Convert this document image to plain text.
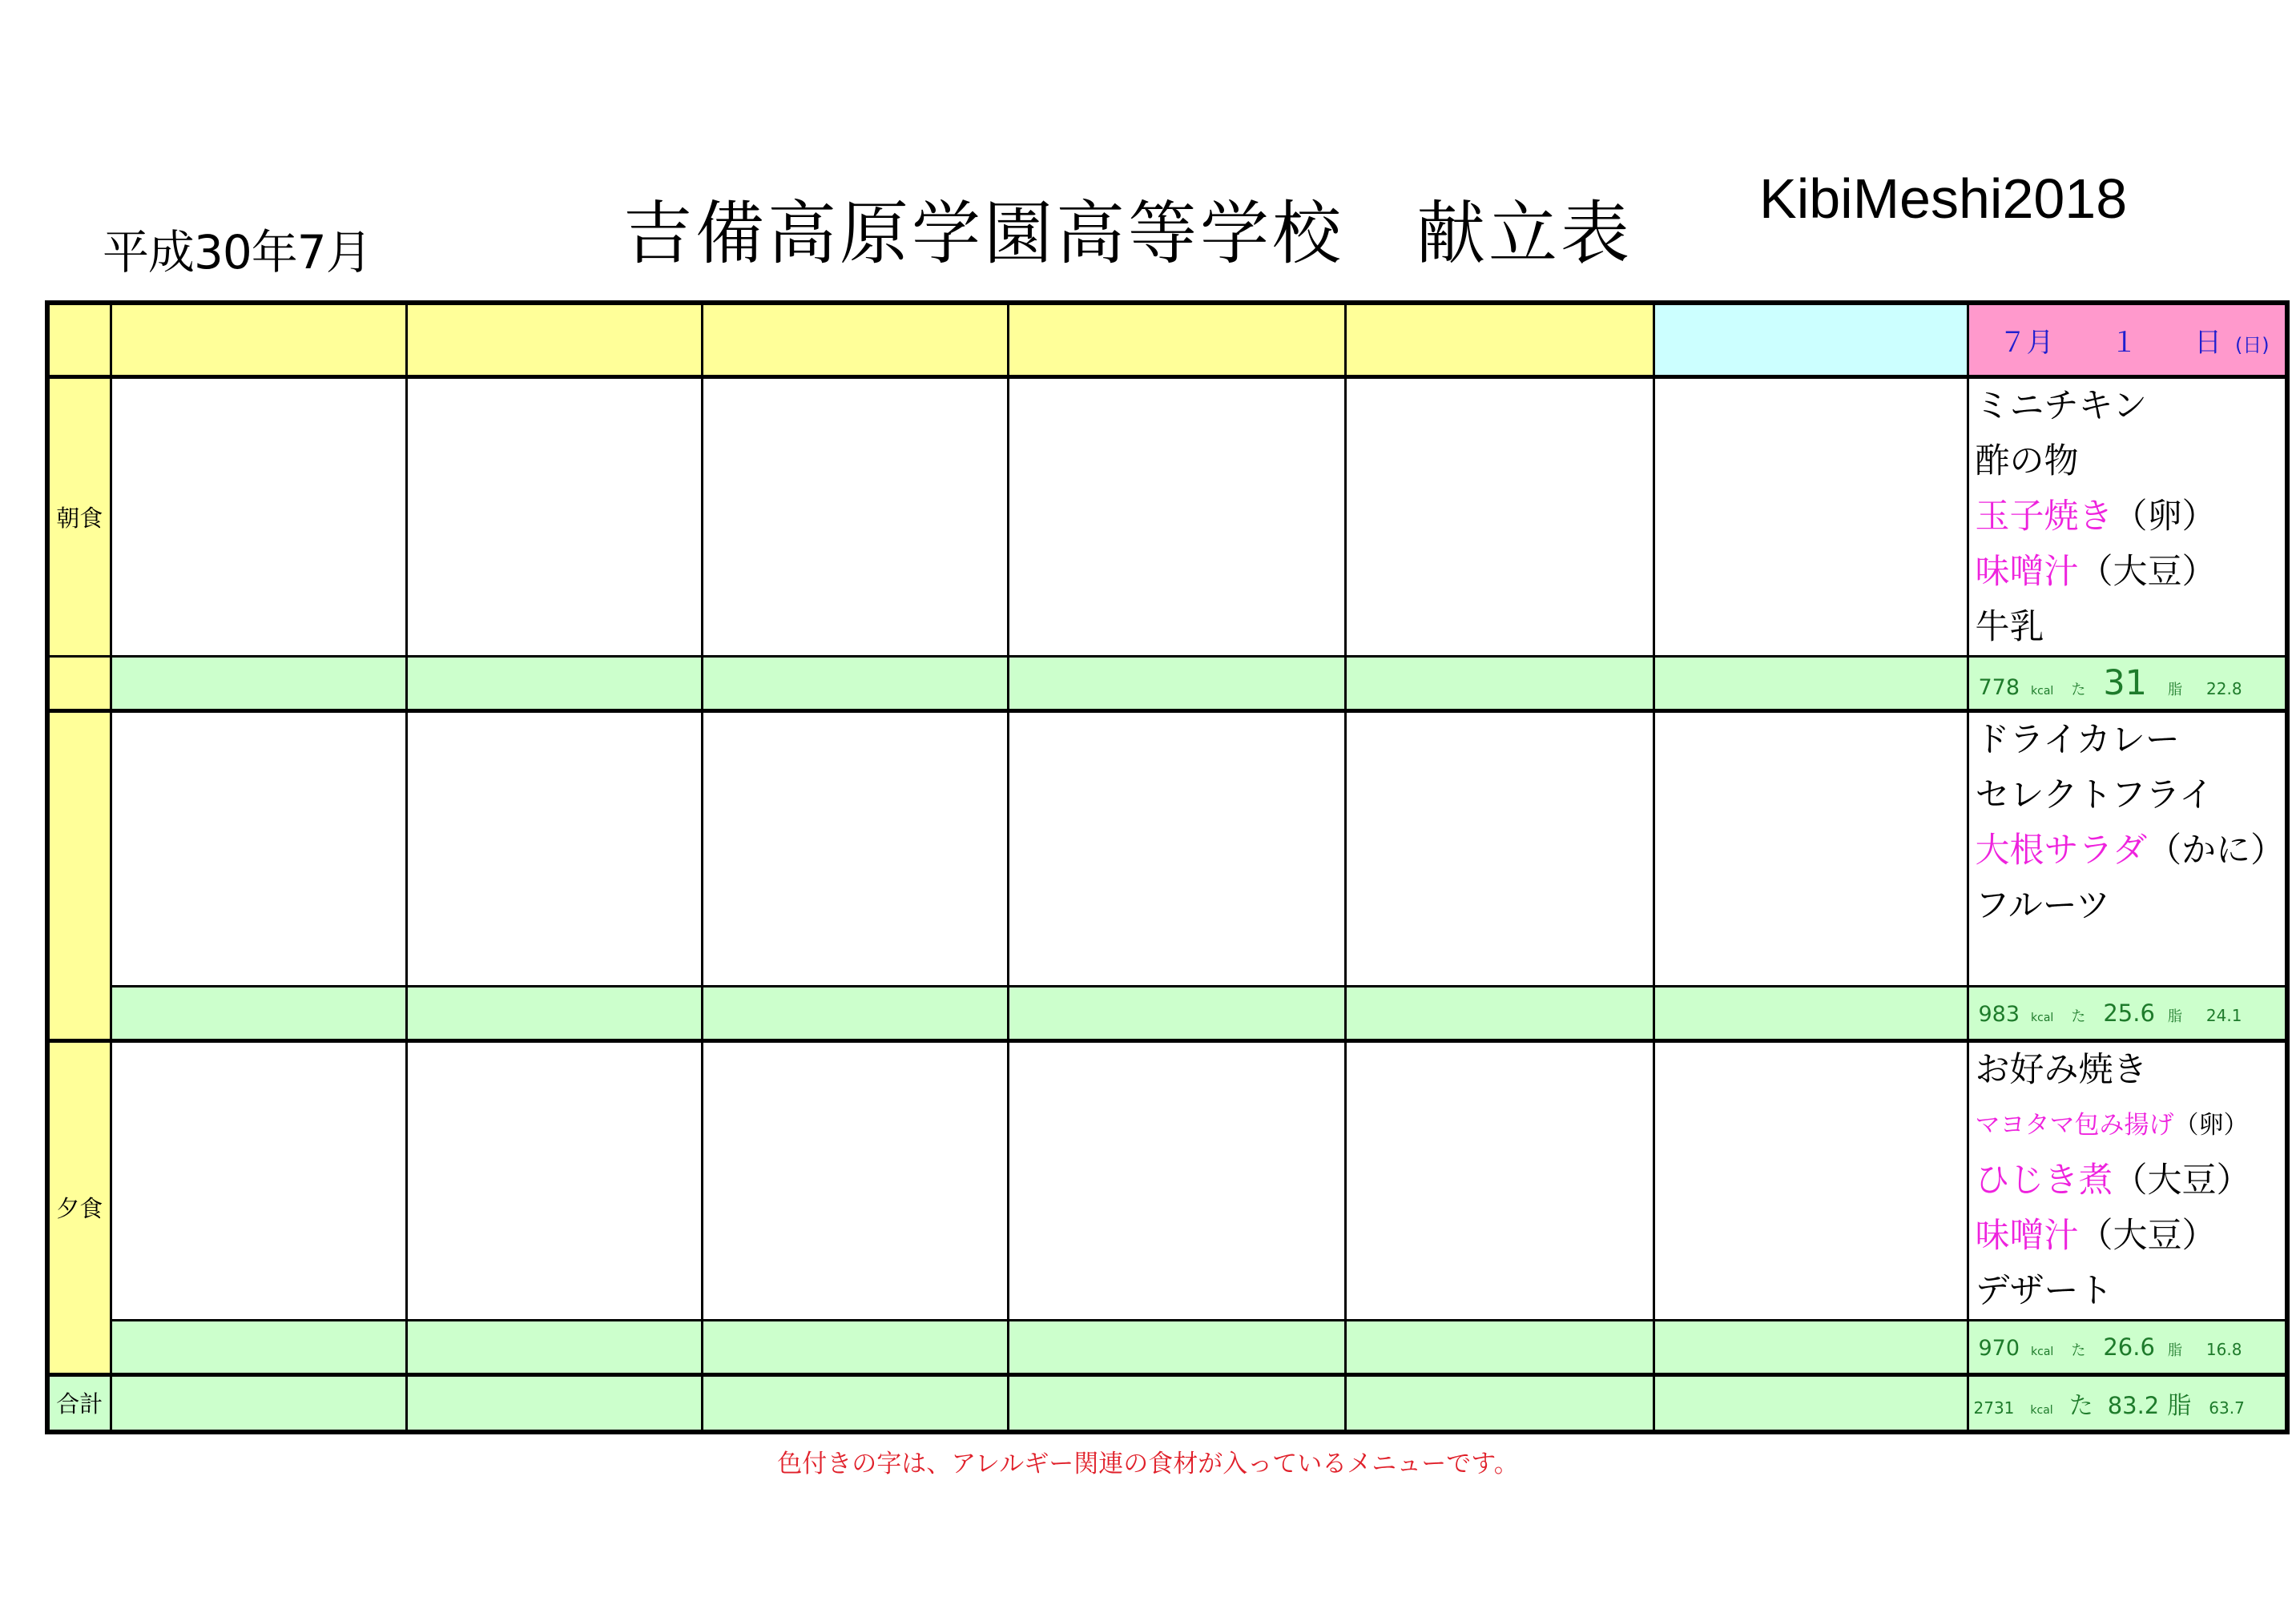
平成30年7月	吉備高原学園高等学校　献立表 KibiMeshi2018
							７月 １ 日 (日)
朝食							ミニチキン
酢の物
玉子焼き（卵）
味噌汁（大豆）
牛乳

							778 kcal た 31 脂 22.8

							ドライカレー
セレクトフライ
大根サラダ（かに）
フルーツ

							983 kcal た 25.6 脂 24.1
夕食							お好み焼き
マヨタマ包み揚げ（卵）
ひじき煮（大豆）
味噌汁（大豆）
デザート

							970 kcal た 26.6 脂 16.8
合計							2731 kcal た 83.2 脂 63.7
色付きの字は、アレルギー関連の食材が入っているメニューです。
